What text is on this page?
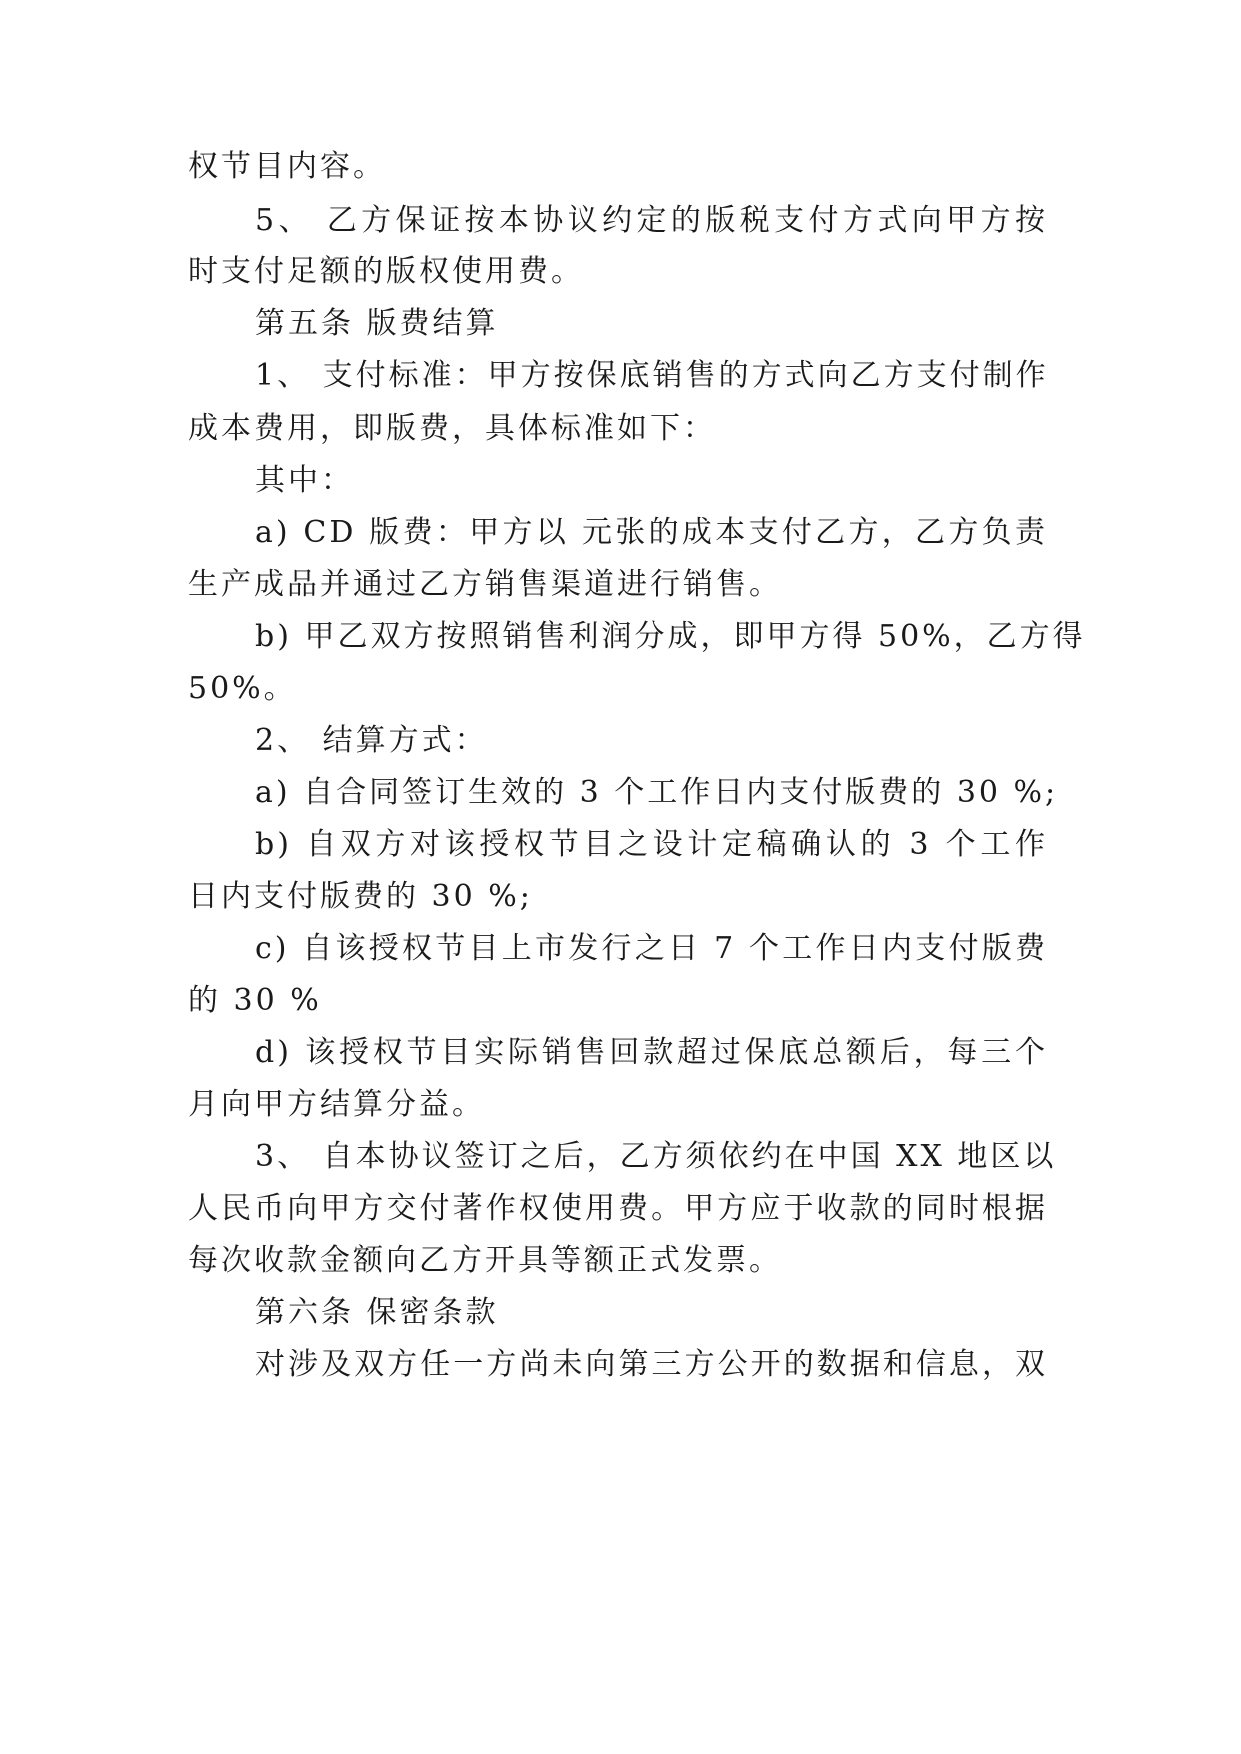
权节目内容。
5、 乙方保证按本协议约定的版税支付方式向甲方按
时支付足额的版权使用费。
第五条 版费结算
1、 支付标准：甲方按保底销售的方式向乙方支付制作
成本费用，即版费，具体标准如下：
其中：
a) CD 版费：甲方以 元张的成本支付乙方，乙方负责
生产成品并通过乙方销售渠道进行销售。
b) 甲乙双方按照销售利润分成，即甲方得 50%，乙方得
50%。
2、 结算方式：
a) 自合同签订生效的 3 个工作日内支付版费的 30 %;
b) 自双方对该授权节目之设计定稿确认的 3 个工作
日内支付版费的 30 %;
c) 自该授权节目上市发行之日 7 个工作日内支付版费
的 30 %
d) 该授权节目实际销售回款超过保底总额后，每三个
月向甲方结算分益。
3、 自本协议签订之后，乙方须依约在中国 XX 地区以
人民币向甲方交付著作权使用费。甲方应于收款的同时根据
每次收款金额向乙方开具等额正式发票。
第六条 保密条款
对涉及双方任一方尚未向第三方公开的数据和信息，双
